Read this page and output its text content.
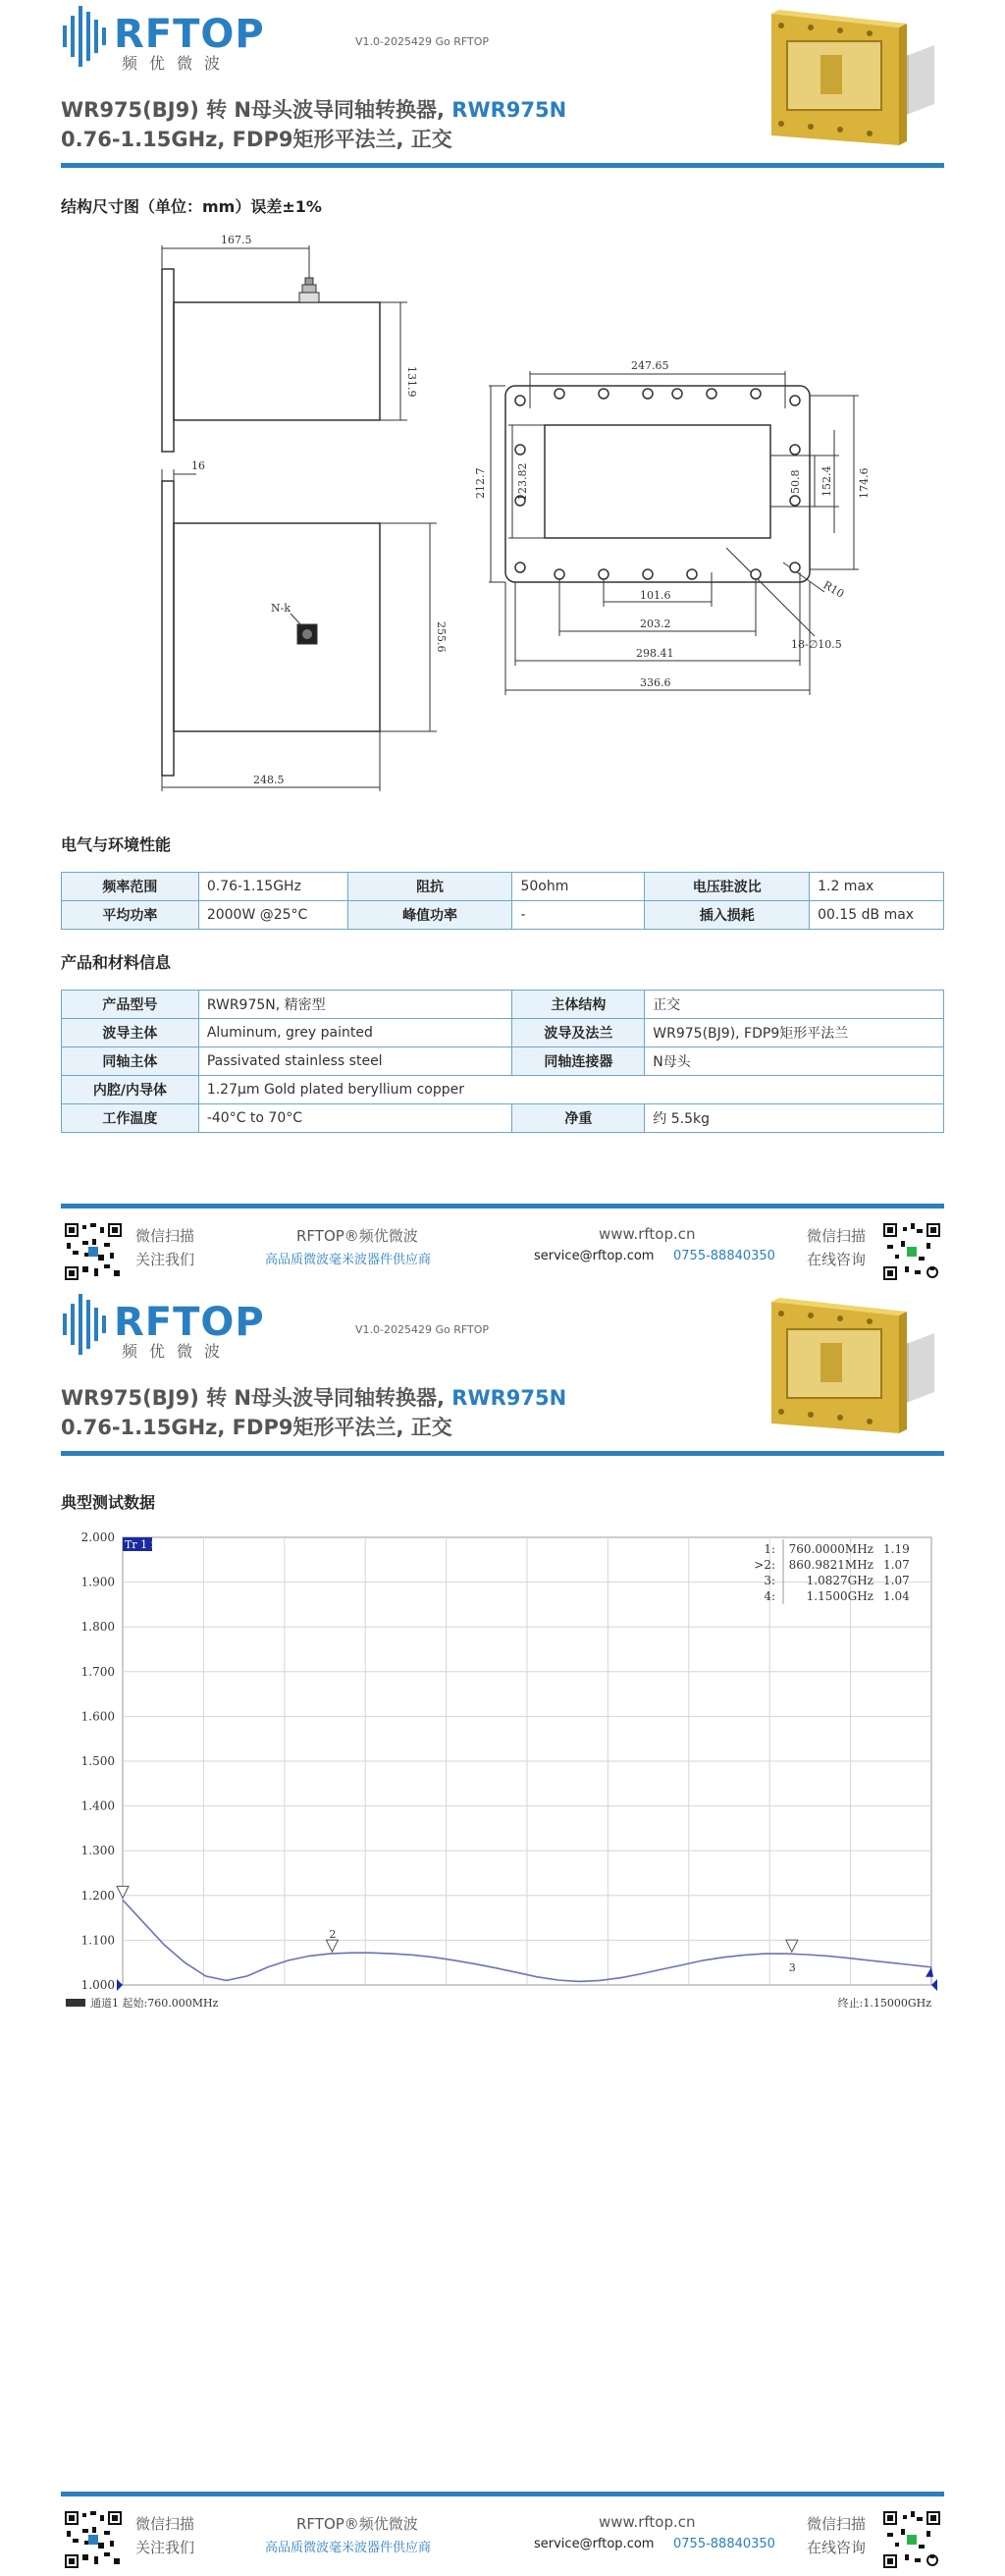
RFTOP
频优微波
V1.0-2025429 Go RFTOP
WR975(BJ9) 转 N母头波导同轴转换器, RWR975N
0.76-1.15GHz, FDP9矩形平法兰, 正交
结构尺寸图（单位：mm）误差±1%
167.5
131.9
16
255.6
248.5
N-k
247.65
212.7	123.82	50.8 152.4 174.6
101.6
203.2
298.41
336.6
R10
18-∅10.5
电气与环境性能
频率范围	0.76-1.15GHz	阻抗	50ohm	电压驻波比	1.2 max
平均功率	2000W @25°C	峰值功率	-	插入损耗	00.15 dB max
产品和材料信息
产品型号	RWR975N, 精密型	主体结构	正交
波导主体	Aluminum, grey painted	波导及法兰	WR975(BJ9), FDP9矩形平法兰
同轴主体	Passivated stainless steel	同轴连接器	N母头
内腔/内导体	1.27μm Gold plated beryllium copper		
工作温度	-40°C to 70°C	净重	约 5.5kg
微信扫描
关注我们
RFTOP®频优微波
高品质微波毫米波器件供应商
www.rftop.cn
service@rftop.com 0755-88840350
微信扫描
在线咨询
RFTOP
频优微波
V1.0-2025429 Go RFTOP
WR975(BJ9) 转 N母头波导同轴转换器, RWR975N
0.76-1.15GHz, FDP9矩形平法兰, 正交
典型测试数据
2.000
1.900
1.800
1.700
1.600
1.500
1.400
1.300
1.200
1.100
1.000
Tr 1 S11 SWR 100.0000mU/ 1.0000U
2
3
1: 760.0000MHz 1.19
>2: 860.9821MHz 1.07
3:	1.0827GHz 1.07
4:	1.1500GHz 1.04
通道1 起始:760.000MHz	终止:1.15000GHz
微信扫描
关注我们
RFTOP®频优微波
高品质微波毫米波器件供应商
www.rftop.cn
service@rftop.com 0755-88840350
微信扫描
在线咨询
